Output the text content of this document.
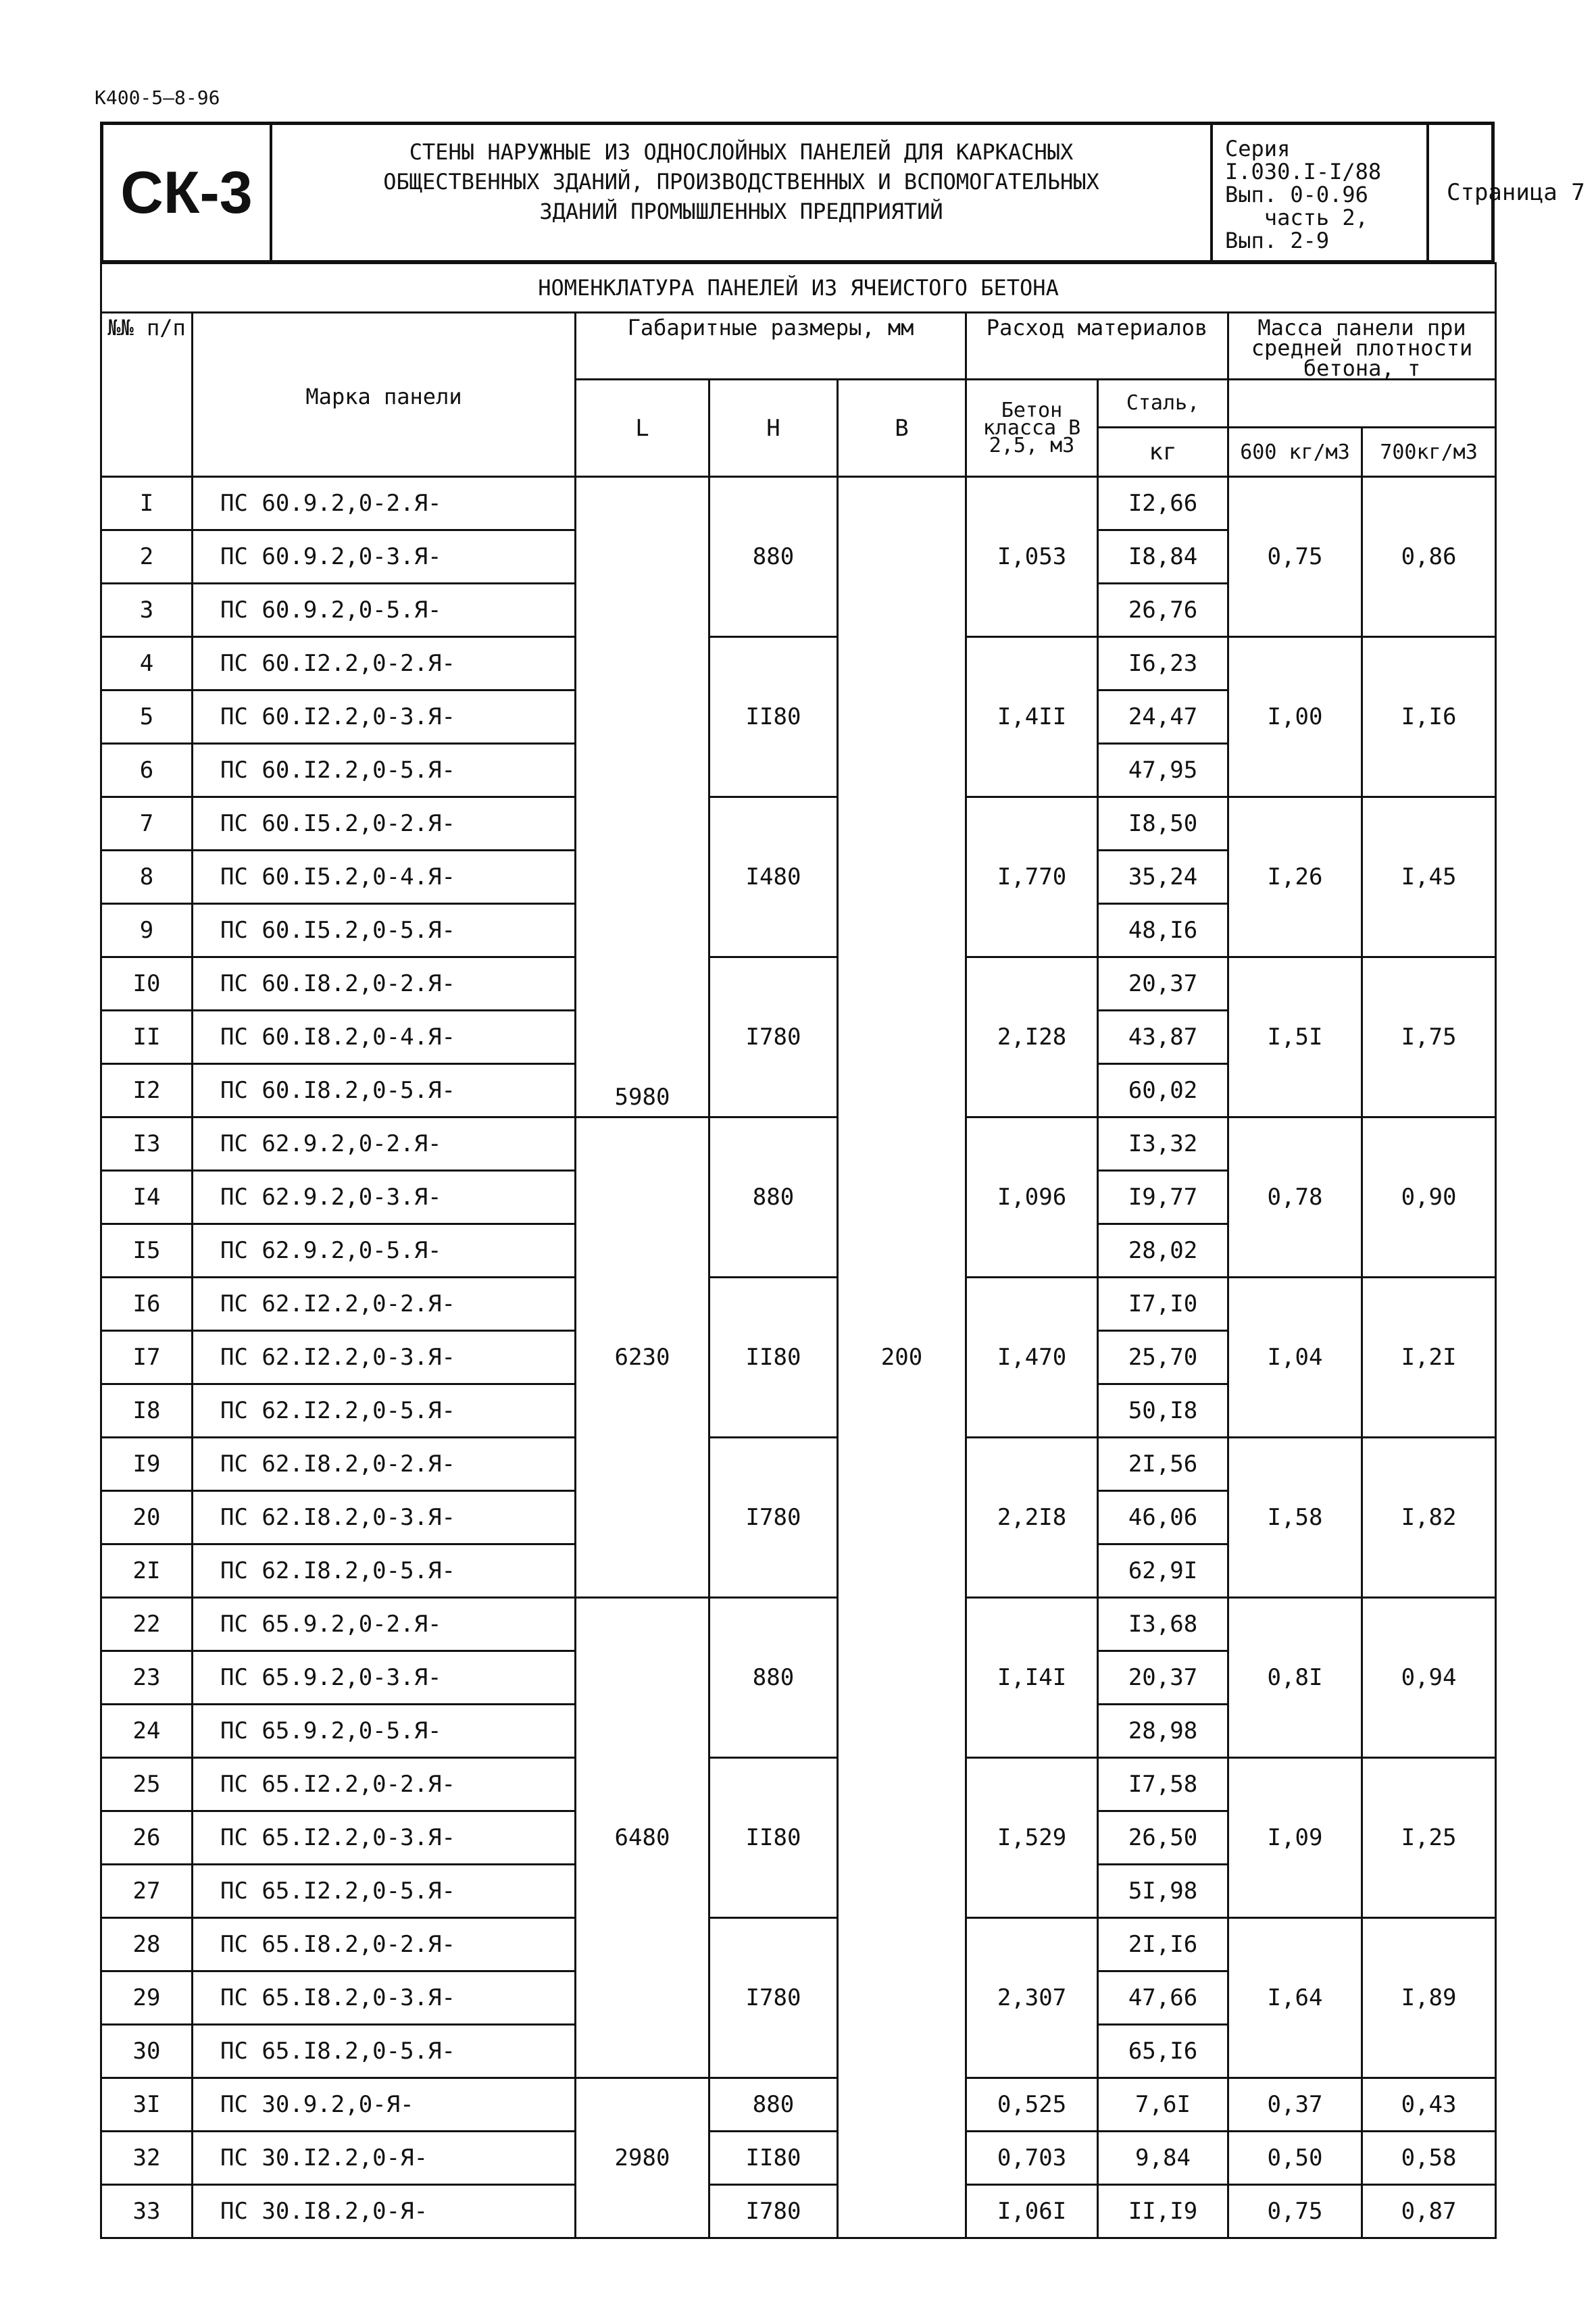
К400-5—8-96
СК-3
СТЕНЫ НАРУЖНЫЕ ИЗ ОДНОСЛОЙНЫХ ПАНЕЛЕЙ ДЛЯ КАРКАСНЫХ
ОБЩЕСТВЕННЫХ ЗДАНИЙ, ПРОИЗВОДСТВЕННЫХ И ВСПОМОГАТЕЛЬНЫХ
ЗДАНИЙ ПРОМЫШЛЕННЫХ ПРЕДПРИЯТИЙ
Серия
I.030.I-I/88
Вып. 0-0.96
часть 2,
Вып. 2-9
Страница 7
НОМЕНКЛАТУРА ПАНЕЛЕЙ ИЗ ЯЧЕИСТОГО БЕТОНА								
№№ п/п	Марка панели	Габаритные размеры, мм			Расход материалов		Масса панели при средней плотности бетона, т	
		L	Н	В	Бетон класса В 2,5, м3	Сталь,		
						кг	600 кг/м3	700кг/м3
I	ПС 60.9.2,0-2.Я-	5980	880	200	I,053	I2,66	0,75	0,86
2	ПС 60.9.2,0-3.Я-					I8,84		
3	ПС 60.9.2,0-5.Я-					26,76		
4	ПС 60.I2.2,0-2.Я-		II80		I,4II	I6,23	I,00	I,I6
5	ПС 60.I2.2,0-3.Я-					24,47		
6	ПС 60.I2.2,0-5.Я-					47,95		
7	ПС 60.I5.2,0-2.Я-		I480		I,770	I8,50	I,26	I,45
8	ПС 60.I5.2,0-4.Я-					35,24		
9	ПС 60.I5.2,0-5.Я-					48,I6		
I0	ПС 60.I8.2,0-2.Я-		I780		2,I28	20,37	I,5I	I,75
II	ПС 60.I8.2,0-4.Я-					43,87		
I2	ПС 60.I8.2,0-5.Я-					60,02		
I3	ПС 62.9.2,0-2.Я-	6230	880		I,096	I3,32	0,78	0,90
I4	ПС 62.9.2,0-3.Я-					I9,77		
I5	ПС 62.9.2,0-5.Я-					28,02		
I6	ПС 62.I2.2,0-2.Я-		II80		I,470	I7,I0	I,04	I,2I
I7	ПС 62.I2.2,0-3.Я-					25,70		
I8	ПС 62.I2.2,0-5.Я-					50,I8		
I9	ПС 62.I8.2,0-2.Я-		I780		2,2I8	2I,56	I,58	I,82
20	ПС 62.I8.2,0-3.Я-					46,06		
2I	ПС 62.I8.2,0-5.Я-					62,9I		
22	ПС 65.9.2,0-2.Я-	6480	880		I,I4I	I3,68	0,8I	0,94
23	ПС 65.9.2,0-3.Я-					20,37		
24	ПС 65.9.2,0-5.Я-					28,98		
25	ПС 65.I2.2,0-2.Я-		II80		I,529	I7,58	I,09	I,25
26	ПС 65.I2.2,0-3.Я-					26,50		
27	ПС 65.I2.2,0-5.Я-					5I,98		
28	ПС 65.I8.2,0-2.Я-		I780		2,307	2I,I6	I,64	I,89
29	ПС 65.I8.2,0-3.Я-					47,66		
30	ПС 65.I8.2,0-5.Я-					65,I6		
3I	ПС 30.9.2,0-Я-	2980	880		0,525	7,6I	0,37	0,43
32	ПС 30.I2.2,0-Я-		II80		0,703	9,84	0,50	0,58
33	ПС 30.I8.2,0-Я-		I780		I,06I	II,I9	0,75	0,87
